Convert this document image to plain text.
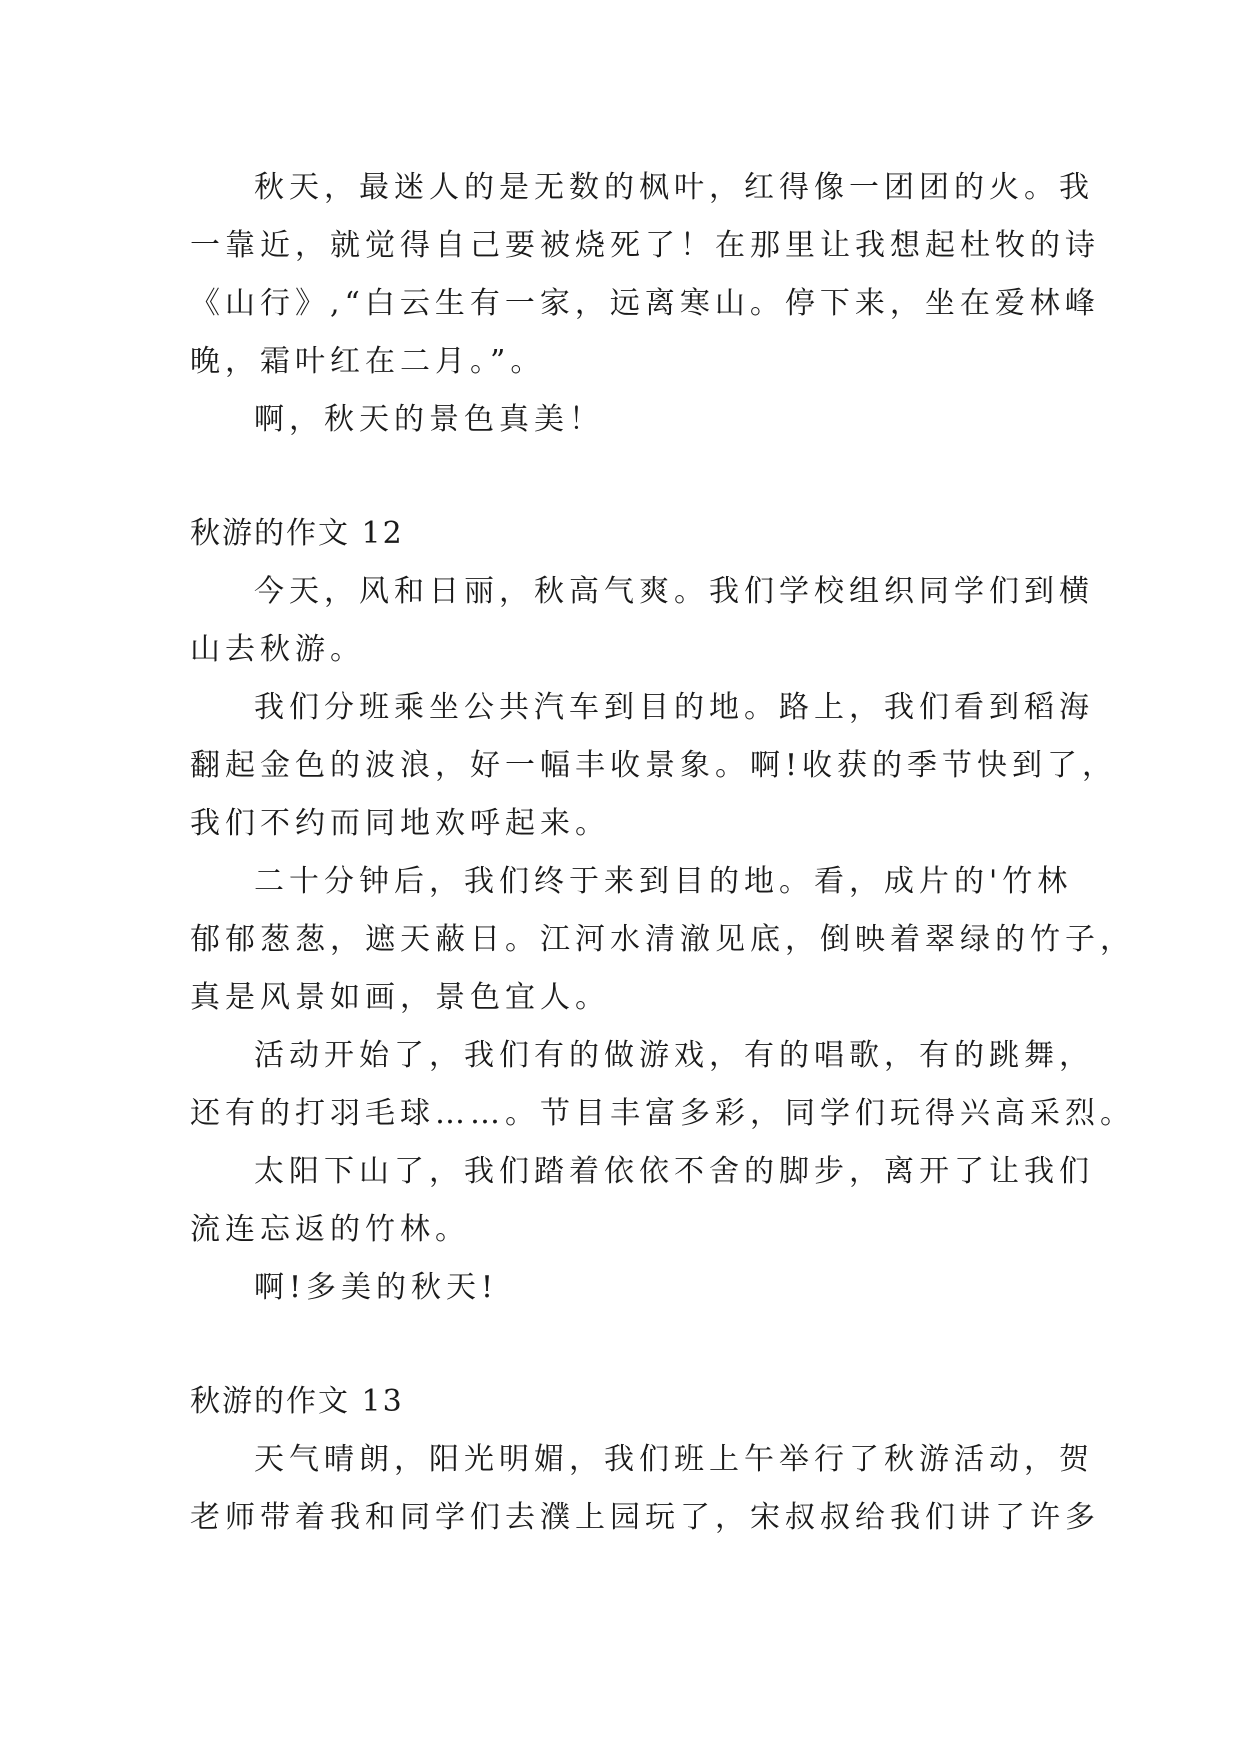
秋天，最迷人的是无数的枫叶，红得像一团团的火。我

一靠近，就觉得自己要被烧死了！在那里让我想起杜牧的诗

《山行》,“白云生有一家，远离寒山。停下来，坐在爱林峰

晚，霜叶红在二月。”。

啊，秋天的景色真美！

秋游的作文 12

今天，风和日丽，秋高气爽。我们学校组织同学们到横

山去秋游。

我们分班乘坐公共汽车到目的地。路上，我们看到稻海

翻起金色的波浪，好一幅丰收景象。啊!收获的季节快到了，

我们不约而同地欢呼起来。

二十分钟后，我们终于来到目的地。看，成片的'竹林

郁郁葱葱，遮天蔽日。江河水清澈见底，倒映着翠绿的竹子，

真是风景如画，景色宜人。

活动开始了，我们有的做游戏，有的唱歌，有的跳舞，

还有的打羽毛球……。节目丰富多彩，同学们玩得兴高采烈。

太阳下山了，我们踏着依依不舍的脚步，离开了让我们

流连忘返的竹林。

啊!多美的秋天!

秋游的作文 13

天气晴朗，阳光明媚，我们班上午举行了秋游活动，贺

老师带着我和同学们去濮上园玩了，宋叔叔给我们讲了许多
